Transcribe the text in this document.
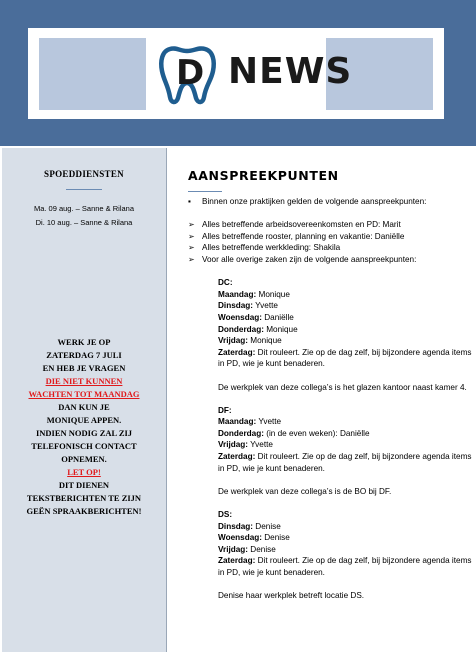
D NEWS
SPOEDDIENSTEN
Ma. 09 aug. – Sanne & Rilana
Di. 10 aug. – Sanne & Rilana
WERK JE OP
ZATERDAG 7 JULI
EN HEB JE VRAGEN
DIE NIET KUNNEN
WACHTEN TOT MAANDAG
DAN KUN JE
MONIQUE APPEN.
INDIEN NODIG ZAL ZIJ
TELEFONISCH CONTACT
OPNEMEN.
LET OP!
DIT DIENEN
TEKSTBERICHTEN TE ZIJN
GEËN SPRAAKBERICHTEN!
AANSPREEKPUNTEN
▪ Binnen onze praktijken gelden de volgende aanspreekpunten:
➢ Alles betreffende arbeidsovereenkomsten en PD: Marit
➢ Alles betreffende rooster, planning en vakantie: Daniëlle
➢ Alles betreffende werkkleding: Shakila
➢ Voor alle overige zaken zijn de volgende aanspreekpunten:
DC:
Maandag: Monique
Dinsdag: Yvette
Woensdag: Daniëlle
Donderdag: Monique
Vrijdag: Monique
Zaterdag: Dit rouleert. Zie op de dag zelf, bij bijzondere agenda items in PD, wie je kunt benaderen.
De werkplek van deze collega’s is het glazen kantoor naast kamer 4.
DF:
Maandag: Yvette
Donderdag: (in de even weken): Daniëlle
Vrijdag: Yvette
Zaterdag: Dit rouleert. Zie op de dag zelf, bij bijzondere agenda items in PD, wie je kunt benaderen.
De werkplek van deze collega’s is de BO bij DF.
DS:
Dinsdag: Denise
Woensdag: Denise
Vrijdag: Denise
Zaterdag: Dit rouleert. Zie op de dag zelf, bij bijzondere agenda items in PD, wie je kunt benaderen.
Denise haar werkplek betreft locatie DS.
